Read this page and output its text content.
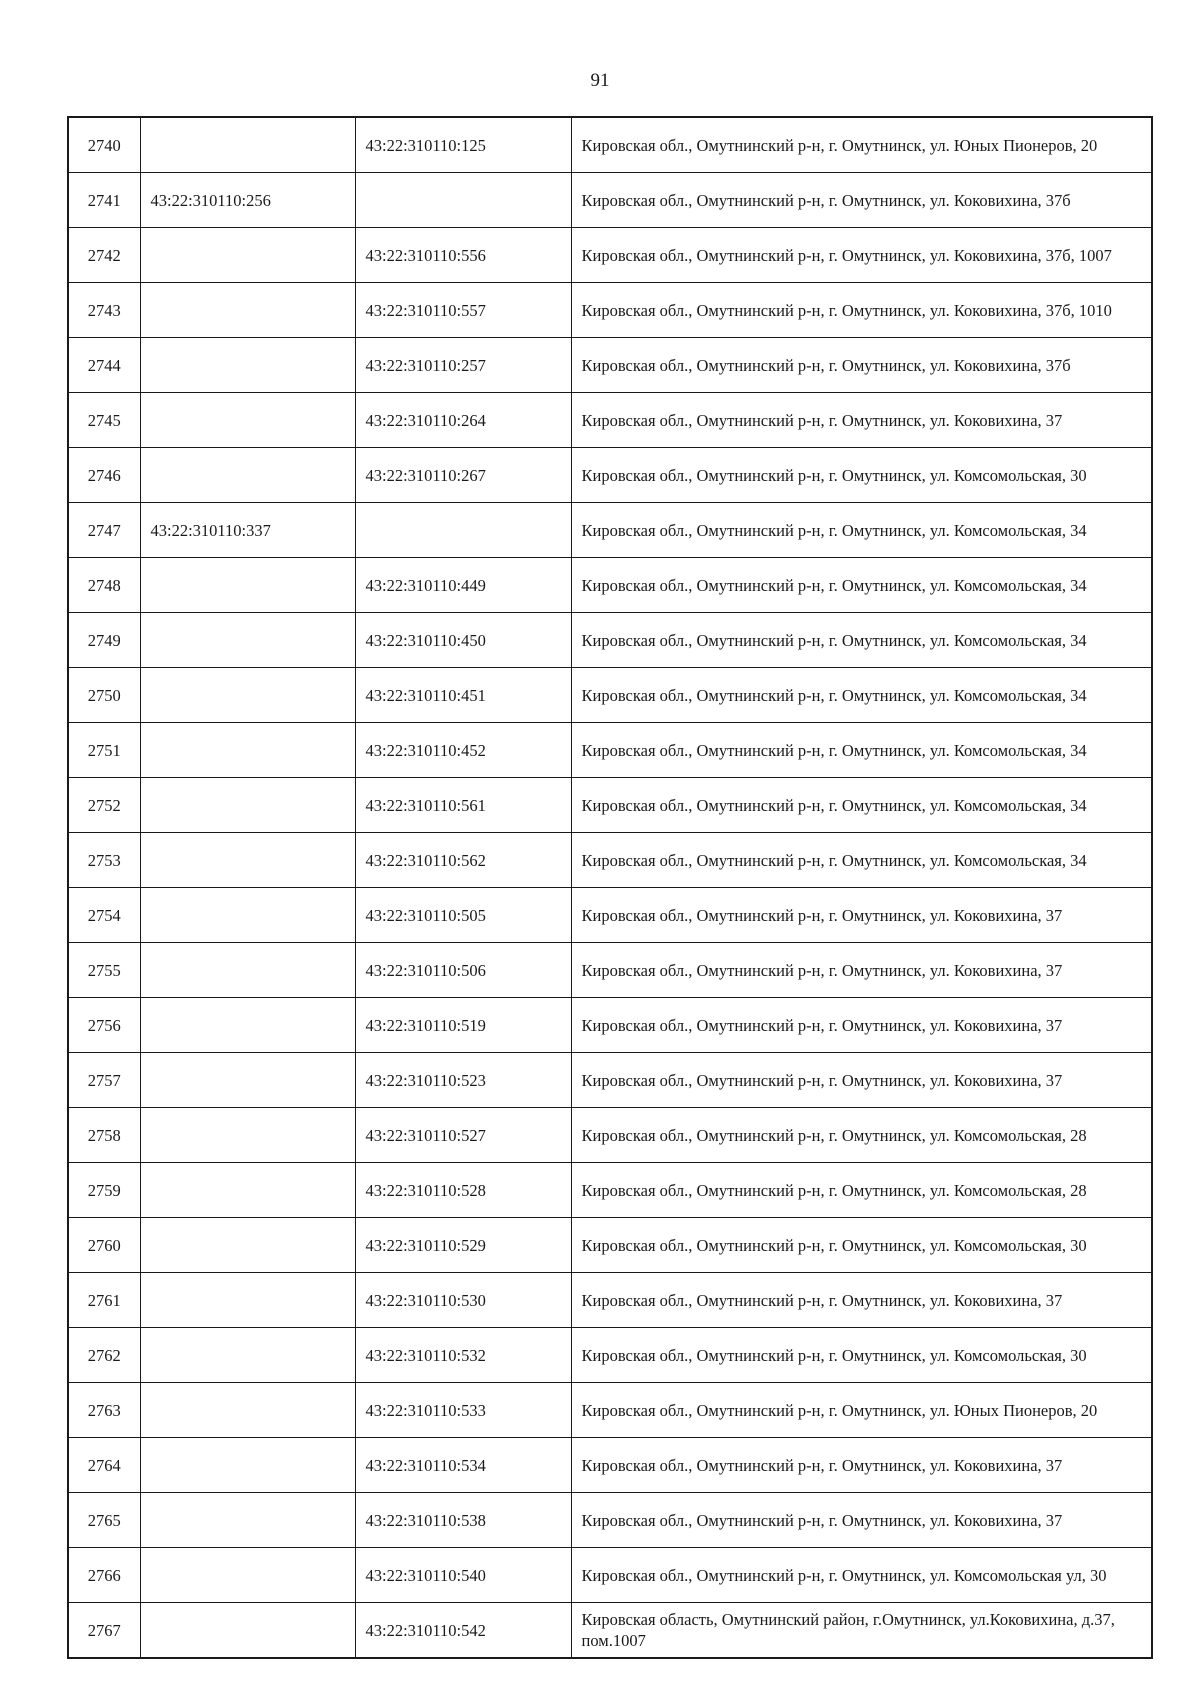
91
2740		43:22:310110:125	Кировская обл., Омутнинский р-н, г. Омутнинск, ул. Юных Пионеров, 20
2741	43:22:310110:256		Кировская обл., Омутнинский р-н, г. Омутнинск, ул. Коковихина, 37б
2742		43:22:310110:556	Кировская обл., Омутнинский р-н, г. Омутнинск, ул. Коковихина, 37б, 1007
2743		43:22:310110:557	Кировская обл., Омутнинский р-н, г. Омутнинск, ул. Коковихина, 37б, 1010
2744		43:22:310110:257	Кировская обл., Омутнинский р-н, г. Омутнинск, ул. Коковихина, 37б
2745		43:22:310110:264	Кировская обл., Омутнинский р-н, г. Омутнинск, ул. Коковихина, 37
2746		43:22:310110:267	Кировская обл., Омутнинский р-н, г. Омутнинск, ул. Комсомольская, 30
2747	43:22:310110:337		Кировская обл., Омутнинский р-н, г. Омутнинск, ул. Комсомольская, 34
2748		43:22:310110:449	Кировская обл., Омутнинский р-н, г. Омутнинск, ул. Комсомольская, 34
2749		43:22:310110:450	Кировская обл., Омутнинский р-н, г. Омутнинск, ул. Комсомольская, 34
2750		43:22:310110:451	Кировская обл., Омутнинский р-н, г. Омутнинск, ул. Комсомольская, 34
2751		43:22:310110:452	Кировская обл., Омутнинский р-н, г. Омутнинск, ул. Комсомольская, 34
2752		43:22:310110:561	Кировская обл., Омутнинский р-н, г. Омутнинск, ул. Комсомольская, 34
2753		43:22:310110:562	Кировская обл., Омутнинский р-н, г. Омутнинск, ул. Комсомольская, 34
2754		43:22:310110:505	Кировская обл., Омутнинский р-н, г. Омутнинск, ул. Коковихина, 37
2755		43:22:310110:506	Кировская обл., Омутнинский р-н, г. Омутнинск, ул. Коковихина, 37
2756		43:22:310110:519	Кировская обл., Омутнинский р-н, г. Омутнинск, ул. Коковихина, 37
2757		43:22:310110:523	Кировская обл., Омутнинский р-н, г. Омутнинск, ул. Коковихина, 37
2758		43:22:310110:527	Кировская обл., Омутнинский р-н, г. Омутнинск, ул. Комсомольская, 28
2759		43:22:310110:528	Кировская обл., Омутнинский р-н, г. Омутнинск, ул. Комсомольская, 28
2760		43:22:310110:529	Кировская обл., Омутнинский р-н, г. Омутнинск, ул. Комсомольская, 30
2761		43:22:310110:530	Кировская обл., Омутнинский р-н, г. Омутнинск, ул. Коковихина, 37
2762		43:22:310110:532	Кировская обл., Омутнинский р-н, г. Омутнинск, ул. Комсомольская, 30
2763		43:22:310110:533	Кировская обл., Омутнинский р-н, г. Омутнинск, ул. Юных Пионеров, 20
2764		43:22:310110:534	Кировская обл., Омутнинский р-н, г. Омутнинск, ул. Коковихина, 37
2765		43:22:310110:538	Кировская обл., Омутнинский р-н, г. Омутнинск, ул. Коковихина, 37
2766		43:22:310110:540	Кировская обл., Омутнинский р-н, г. Омутнинск, ул. Комсомольская ул, 30
2767		43:22:310110:542	Кировская область, Омутнинский район, г.Омутнинск, ул.Коковихина, д.37, пом.1007
